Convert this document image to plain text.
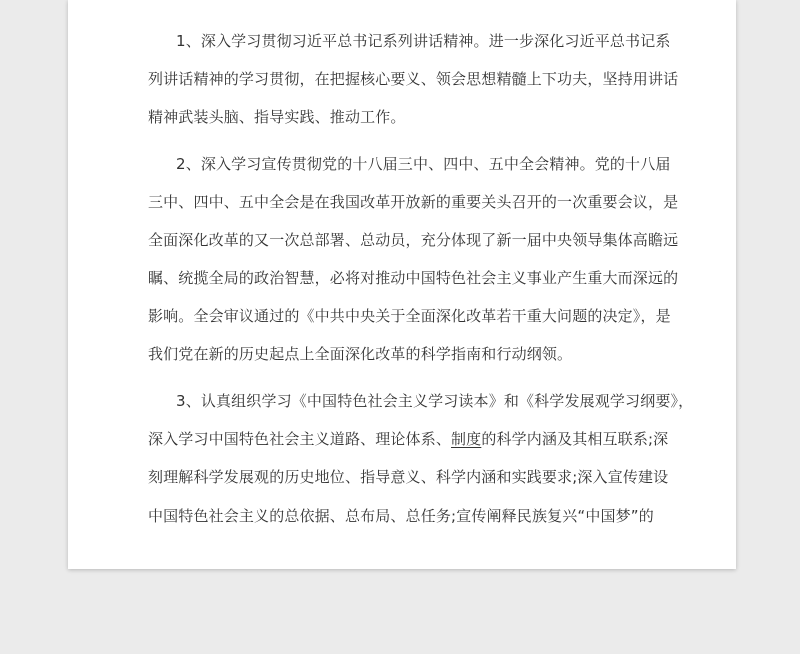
1、深入学习贯彻习近平总书记系列讲话精神。进一步深化习近平总书记系
列讲话精神的学习贯彻，在把握核心要义、领会思想精髓上下功夫，坚持用讲话
精神武装头脑、指导实践、推动工作。
2、深入学习宣传贯彻党的十八届三中、四中、五中全会精神。党的十八届
三中、四中、五中全会是在我国改革开放新的重要关头召开的一次重要会议，是
全面深化改革的又一次总部署、总动员，充分体现了新一届中央领导集体高瞻远
瞩、统揽全局的政治智慧，必将对推动中国特色社会主义事业产生重大而深远的
影响。全会审议通过的《中共中央关于全面深化改革若干重大问题的决定》，是
我们党在新的历史起点上全面深化改革的科学指南和行动纲领。
3、认真组织学习《中国特色社会主义学习读本》和《科学发展观学习纲要》，
深入学习中国特色社会主义道路、理论体系、制度的科学内涵及其相互联系;深
刻理解科学发展观的历史地位、指导意义、科学内涵和实践要求;深入宣传建设
中国特色社会主义的总依据、总布局、总任务;宣传阐释民族复兴“中国梦”的
